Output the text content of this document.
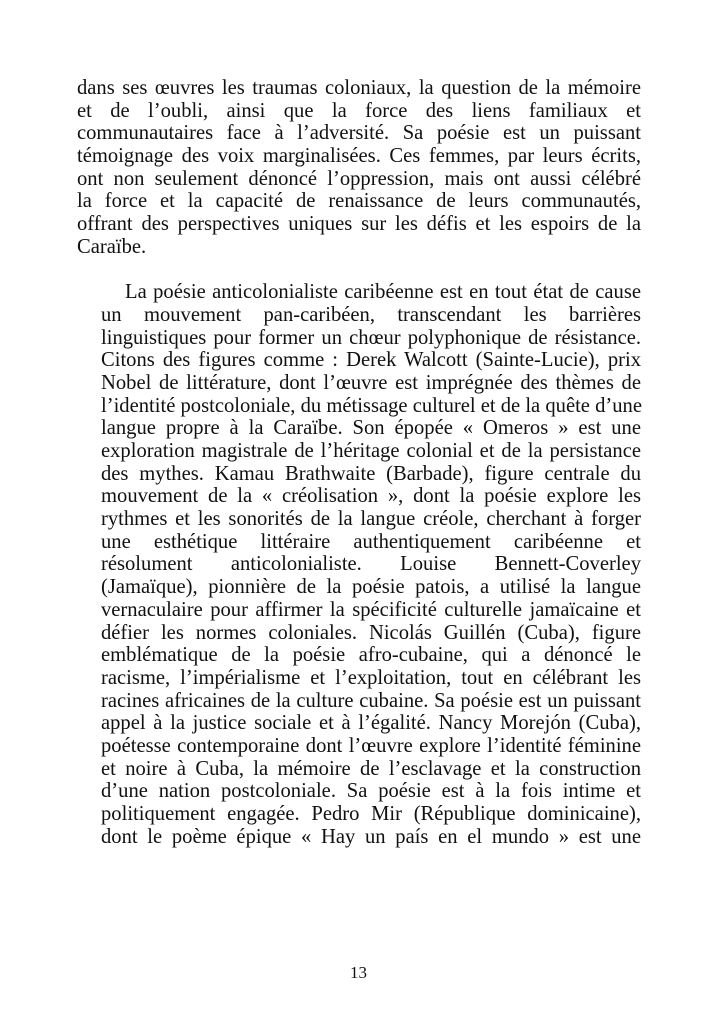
dans ses œuvres les traumas coloniaux, la question de la mémoire
et de l’oubli, ainsi que la force des liens familiaux et
communautaires face à l’adversité. Sa poésie est un puissant
témoignage des voix marginalisées. Ces femmes, par leurs écrits,
ont non seulement dénoncé l’oppression, mais ont aussi célébré
la force et la capacité de renaissance de leurs communautés,
offrant des perspectives uniques sur les défis et les espoirs de la
Caraïbe.
La poésie anticolonialiste caribéenne est en tout état de cause
un mouvement pan-caribéen, transcendant les barrières
linguistiques pour former un chœur polyphonique de résistance.
Citons des figures comme : Derek Walcott (Sainte-Lucie), prix
Nobel de littérature, dont l’œuvre est imprégnée des thèmes de
l’identité postcoloniale, du métissage culturel et de la quête d’une
langue propre à la Caraïbe. Son épopée « Omeros » est une
exploration magistrale de l’héritage colonial et de la persistance
des mythes. Kamau Brathwaite (Barbade), figure centrale du
mouvement de la « créolisation », dont la poésie explore les
rythmes et les sonorités de la langue créole, cherchant à forger
une esthétique littéraire authentiquement caribéenne et
résolument anticolonialiste. Louise Bennett-Coverley
(Jamaïque), pionnière de la poésie patois, a utilisé la langue
vernaculaire pour affirmer la spécificité culturelle jamaïcaine et
défier les normes coloniales. Nicolás Guillén (Cuba), figure
emblématique de la poésie afro-cubaine, qui a dénoncé le
racisme, l’impérialisme et l’exploitation, tout en célébrant les
racines africaines de la culture cubaine. Sa poésie est un puissant
appel à la justice sociale et à l’égalité. Nancy Morejón (Cuba),
poétesse contemporaine dont l’œuvre explore l’identité féminine
et noire à Cuba, la mémoire de l’esclavage et la construction
d’une nation postcoloniale. Sa poésie est à la fois intime et
politiquement engagée. Pedro Mir (République dominicaine),
dont le poème épique « Hay un país en el mundo » est une
13
